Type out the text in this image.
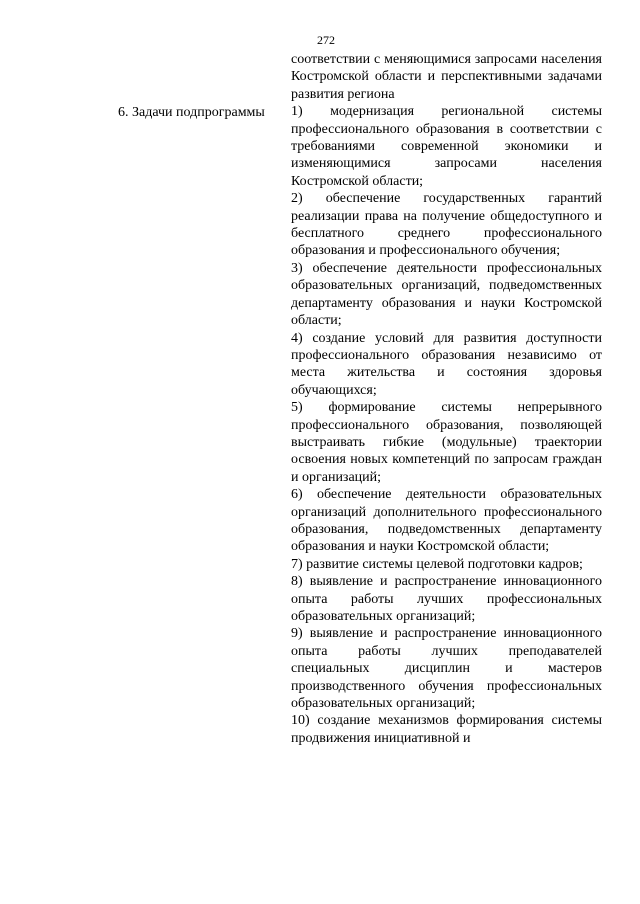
272
6. Задачи подпрограммы

соответствии с меняющимися запросами населения Костромской области и перспективными задачами развития региона

1) модернизация региональной системы профессионального образования в соответствии с требованиями современной экономики и изменяющимися запросами населения Костромской области;
2) обеспечение государственных гарантий реализации права на получение общедоступного и бесплатного среднего профессионального образования и профессионального обучения;
3) обеспечение деятельности профессиональных образовательных организаций, подведомственных департаменту образования и науки Костромской области;
4) создание условий для развития доступности профессионального образования независимо от места жительства и состояния здоровья обучающихся;
5) формирование системы непрерывного профессионального образования, позволяющей выстраивать гибкие (модульные) траектории освоения новых компетенций по запросам граждан и организаций;
6) обеспечение деятельности образовательных организаций дополнительного профессионального образования, подведомственных департаменту образования и науки Костромской области;
7) развитие системы целевой подготовки кадров;
8) выявление и распространение инновационного опыта работы лучших профессиональных образовательных организаций;
9) выявление и распространение инновационного опыта работы лучших преподавателей специальных дисциплин и мастеров производственного обучения профессиональных образовательных организаций;
10) создание механизмов формирования системы продвижения инициативной и
